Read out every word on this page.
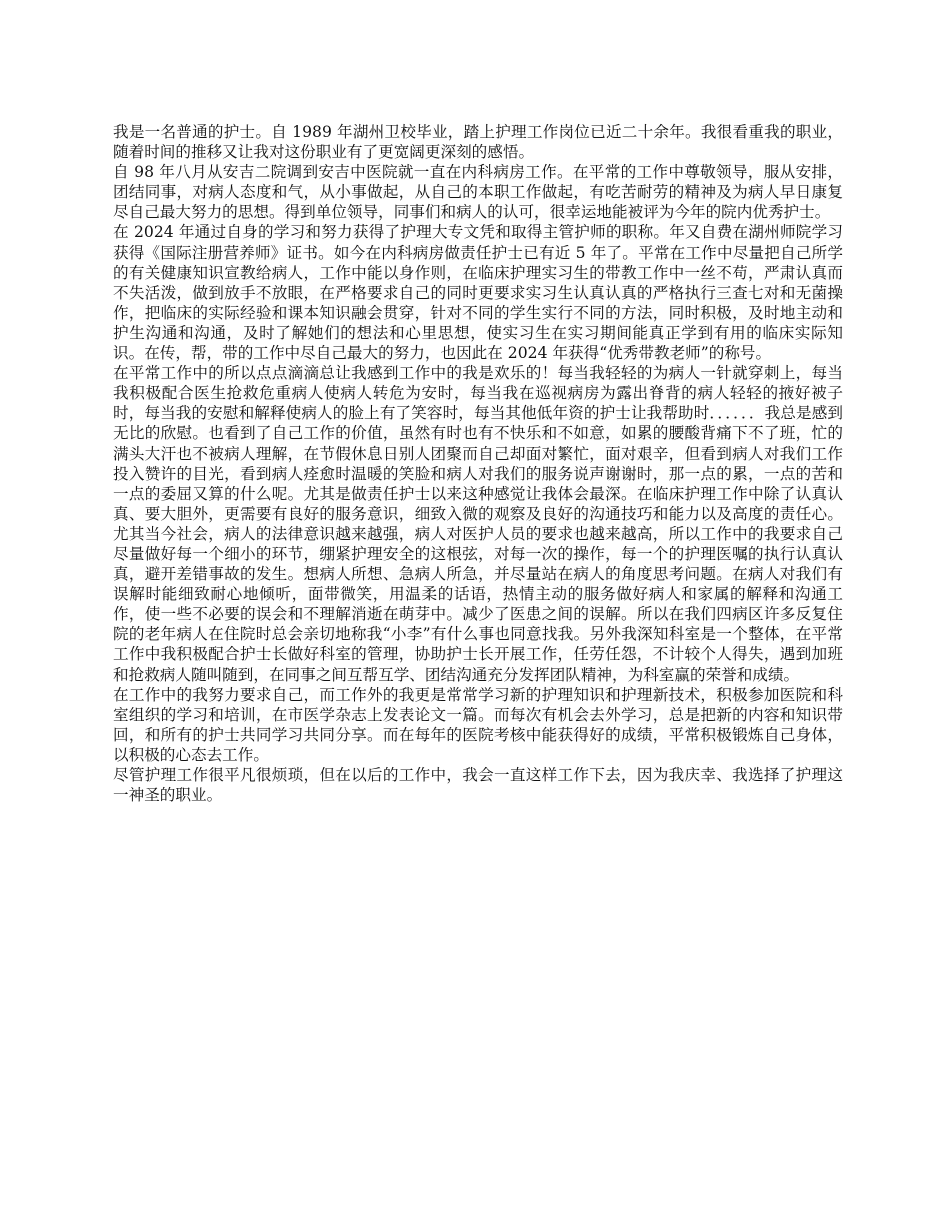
我是一名普通的护士。自 1989 年湖州卫校毕业，踏上护理工作岗位已近二十余年。我很看重我的职业，随着时间的推移又让我对这份职业有了更宽阔更深刻的感悟。

自 98 年八月从安吉二院调到安吉中医院就一直在内科病房工作。在平常的工作中尊敬领导，服从安排，团结同事，对病人态度和气，从小事做起，从自己的本职工作做起，有吃苦耐劳的精神及为病人早日康复尽自己最大努力的思想。得到单位领导，同事们和病人的认可，很幸运地能被评为今年的院内优秀护士。

在 2024 年通过自身的学习和努力获得了护理大专文凭和取得主管护师的职称。年又自费在湖州师院学习获得《国际注册营养师》证书。如今在内科病房做责任护士已有近 5 年了。平常在工作中尽量把自己所学的有关健康知识宣教给病人，工作中能以身作则，在临床护理实习生的带教工作中一丝不苟，严肃认真而不失活泼，做到放手不放眼，在严格要求自己的同时更要求实习生认真认真的严格执行三查七对和无菌操作，把临床的实际经验和课本知识融会贯穿，针对不同的学生实行不同的方法，同时积极，及时地主动和护生沟通和沟通，及时了解她们的想法和心里思想，使实习生在实习期间能真正学到有用的临床实际知识。在传，帮，带的工作中尽自己最大的努力，也因此在 2024 年获得“优秀带教老师”的称号。

在平常工作中的所以点点滴滴总让我感到工作中的我是欢乐的！每当我轻轻的为病人一针就穿刺上，每当我积极配合医生抢救危重病人使病人转危为安时，每当我在巡视病房为露出脊背的病人轻轻的掖好被子时，每当我的安慰和解释使病人的脸上有了笑容时，每当其他低年资的护士让我帮助时．．．．．．我总是感到无比的欣慰。也看到了自己工作的价值，虽然有时也有不快乐和不如意，如累的腰酸背痛下不了班，忙的满头大汗也不被病人理解，在节假休息日别人团聚而自己却面对繁忙，面对艰辛，但看到病人对我们工作投入赞许的目光，看到病人痊愈时温暖的笑脸和病人对我们的服务说声谢谢时，那一点的累，一点的苦和一点的委屈又算的什么呢。尤其是做责任护士以来这种感觉让我体会最深。在临床护理工作中除了认真认真、要大胆外，更需要有良好的服务意识，细致入微的观察及良好的沟通技巧和能力以及高度的责任心。尤其当今社会，病人的法律意识越来越强，病人对医护人员的要求也越来越高，所以工作中的我要求自己尽量做好每一个细小的环节，绷紧护理安全的这根弦，对每一次的操作，每一个的护理医嘱的执行认真认真，避开差错事故的发生。想病人所想、急病人所急，并尽量站在病人的角度思考问题。在病人对我们有误解时能细致耐心地倾听，面带微笑，用温柔的话语，热情主动的服务做好病人和家属的解释和沟通工作，使一些不必要的误会和不理解消逝在萌芽中。减少了医患之间的误解。所以在我们四病区许多反复住院的老年病人在住院时总会亲切地称我“小李”有什么事也同意找我。另外我深知科室是一个整体，在平常工作中我积极配合护士长做好科室的管理，协助护士长开展工作，任劳任怨，不计较个人得失，遇到加班和抢救病人随叫随到，在同事之间互帮互学、团结沟通充分发挥团队精神，为科室赢的荣誉和成绩。

在工作中的我努力要求自己，而工作外的我更是常常学习新的护理知识和护理新技术，积极参加医院和科室组织的学习和培训，在市医学杂志上发表论文一篇。而每次有机会去外学习，总是把新的内容和知识带回，和所有的护士共同学习共同分享。而在每年的医院考核中能获得好的成绩，平常积极锻炼自己身体，以积极的心态去工作。

尽管护理工作很平凡很烦琐，但在以后的工作中，我会一直这样工作下去，因为我庆幸、我选择了护理这一神圣的职业。
